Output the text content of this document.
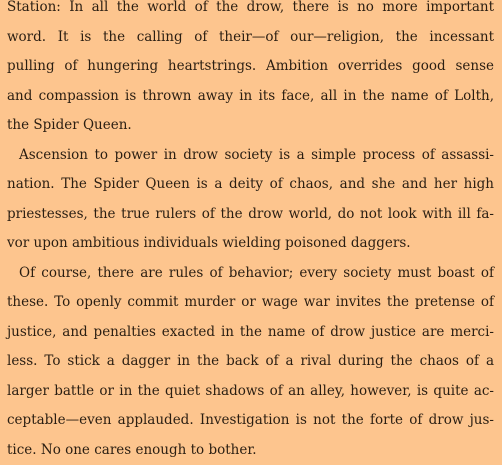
Station: In all the world of the drow, there is no more important
word. It is the calling of their—of our—religion, the incessant
pulling of hungering heartstrings. Ambition overrides good sense
and compassion is thrown away in its face, all in the name of Lolth,
the Spider Queen.
Ascension to power in drow society is a simple process of assassi-
nation. The Spider Queen is a deity of chaos, and she and her high
priestesses, the true rulers of the drow world, do not look with ill fa-
vor upon ambitious individuals wielding poisoned daggers.
Of course, there are rules of behavior; every society must boast of
these. To openly commit murder or wage war invites the pretense of
justice, and penalties exacted in the name of drow justice are merci-
less. To stick a dagger in the back of a rival during the chaos of a
larger battle or in the quiet shadows of an alley, however, is quite ac-
ceptable—even applauded. Investigation is not the forte of drow jus-
tice. No one cares enough to bother.
